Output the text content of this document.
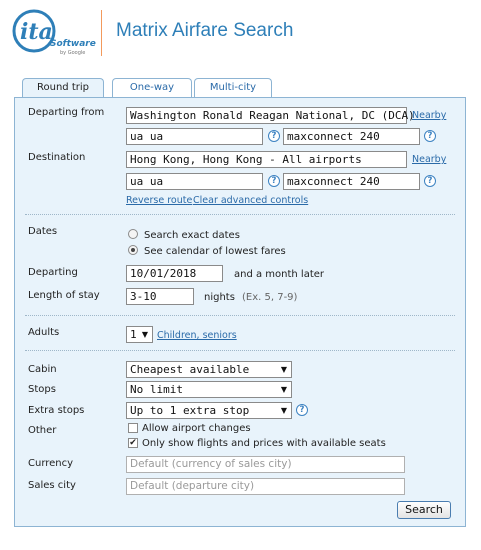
ita
Software
by Google
Matrix Airfare Search
Round trip	One-way	Multi-city
Departing from	Washington Ronald Reagan National, DC (DCA)
Nearby
ua ua	? maxconnect 240	?
Destination	Hong Kong, Hong Kong - All airports	Nearby
ua ua	? maxconnect 240	?
Reverse route Clear advanced controls
Dates	Search exact dates
See calendar of lowest fares
Departing	10/01/2018	and a month later
Length of stay	3-10	nights (Ex. 5, 7-9)
Adults	1 ▼ Children, seniors
Cabin	Cheapest available	▼
Stops	No limit	▼
Extra stops	Up to 1 extra stop	▼	?
Other	Allow airport changes
✔ Only show flights and prices with available seats
Currency	Default (currency of sales city)
Sales city	Default (departure city)
Search
